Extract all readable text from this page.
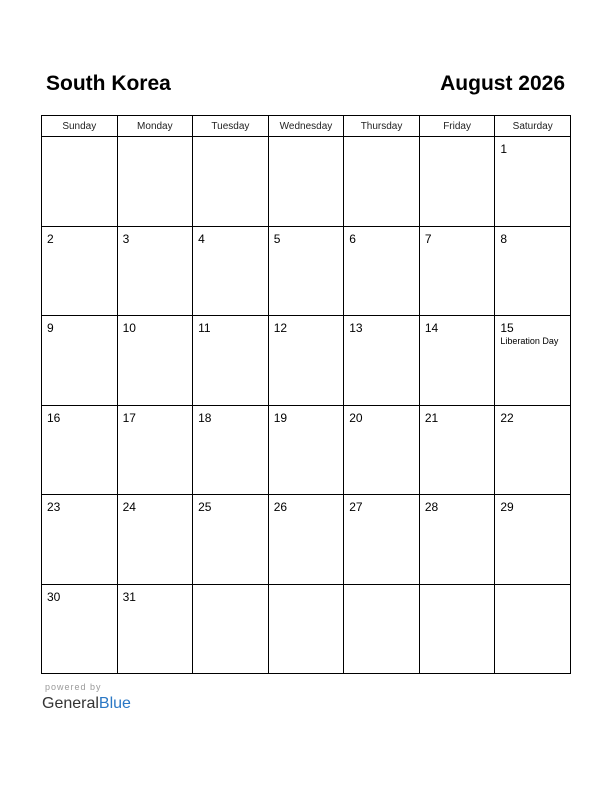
South Korea	August 2026
Sunday	Monday	Tuesday	Wednesday	Thursday	Friday	Saturday

						1

2	3	4	5	6	7	8

9	10	11	12	13	14	15
Liberation Day

16	17	18	19	20	21	22

23	24	25	26	27	28	29

30	31					

powered by
GeneralBlue
